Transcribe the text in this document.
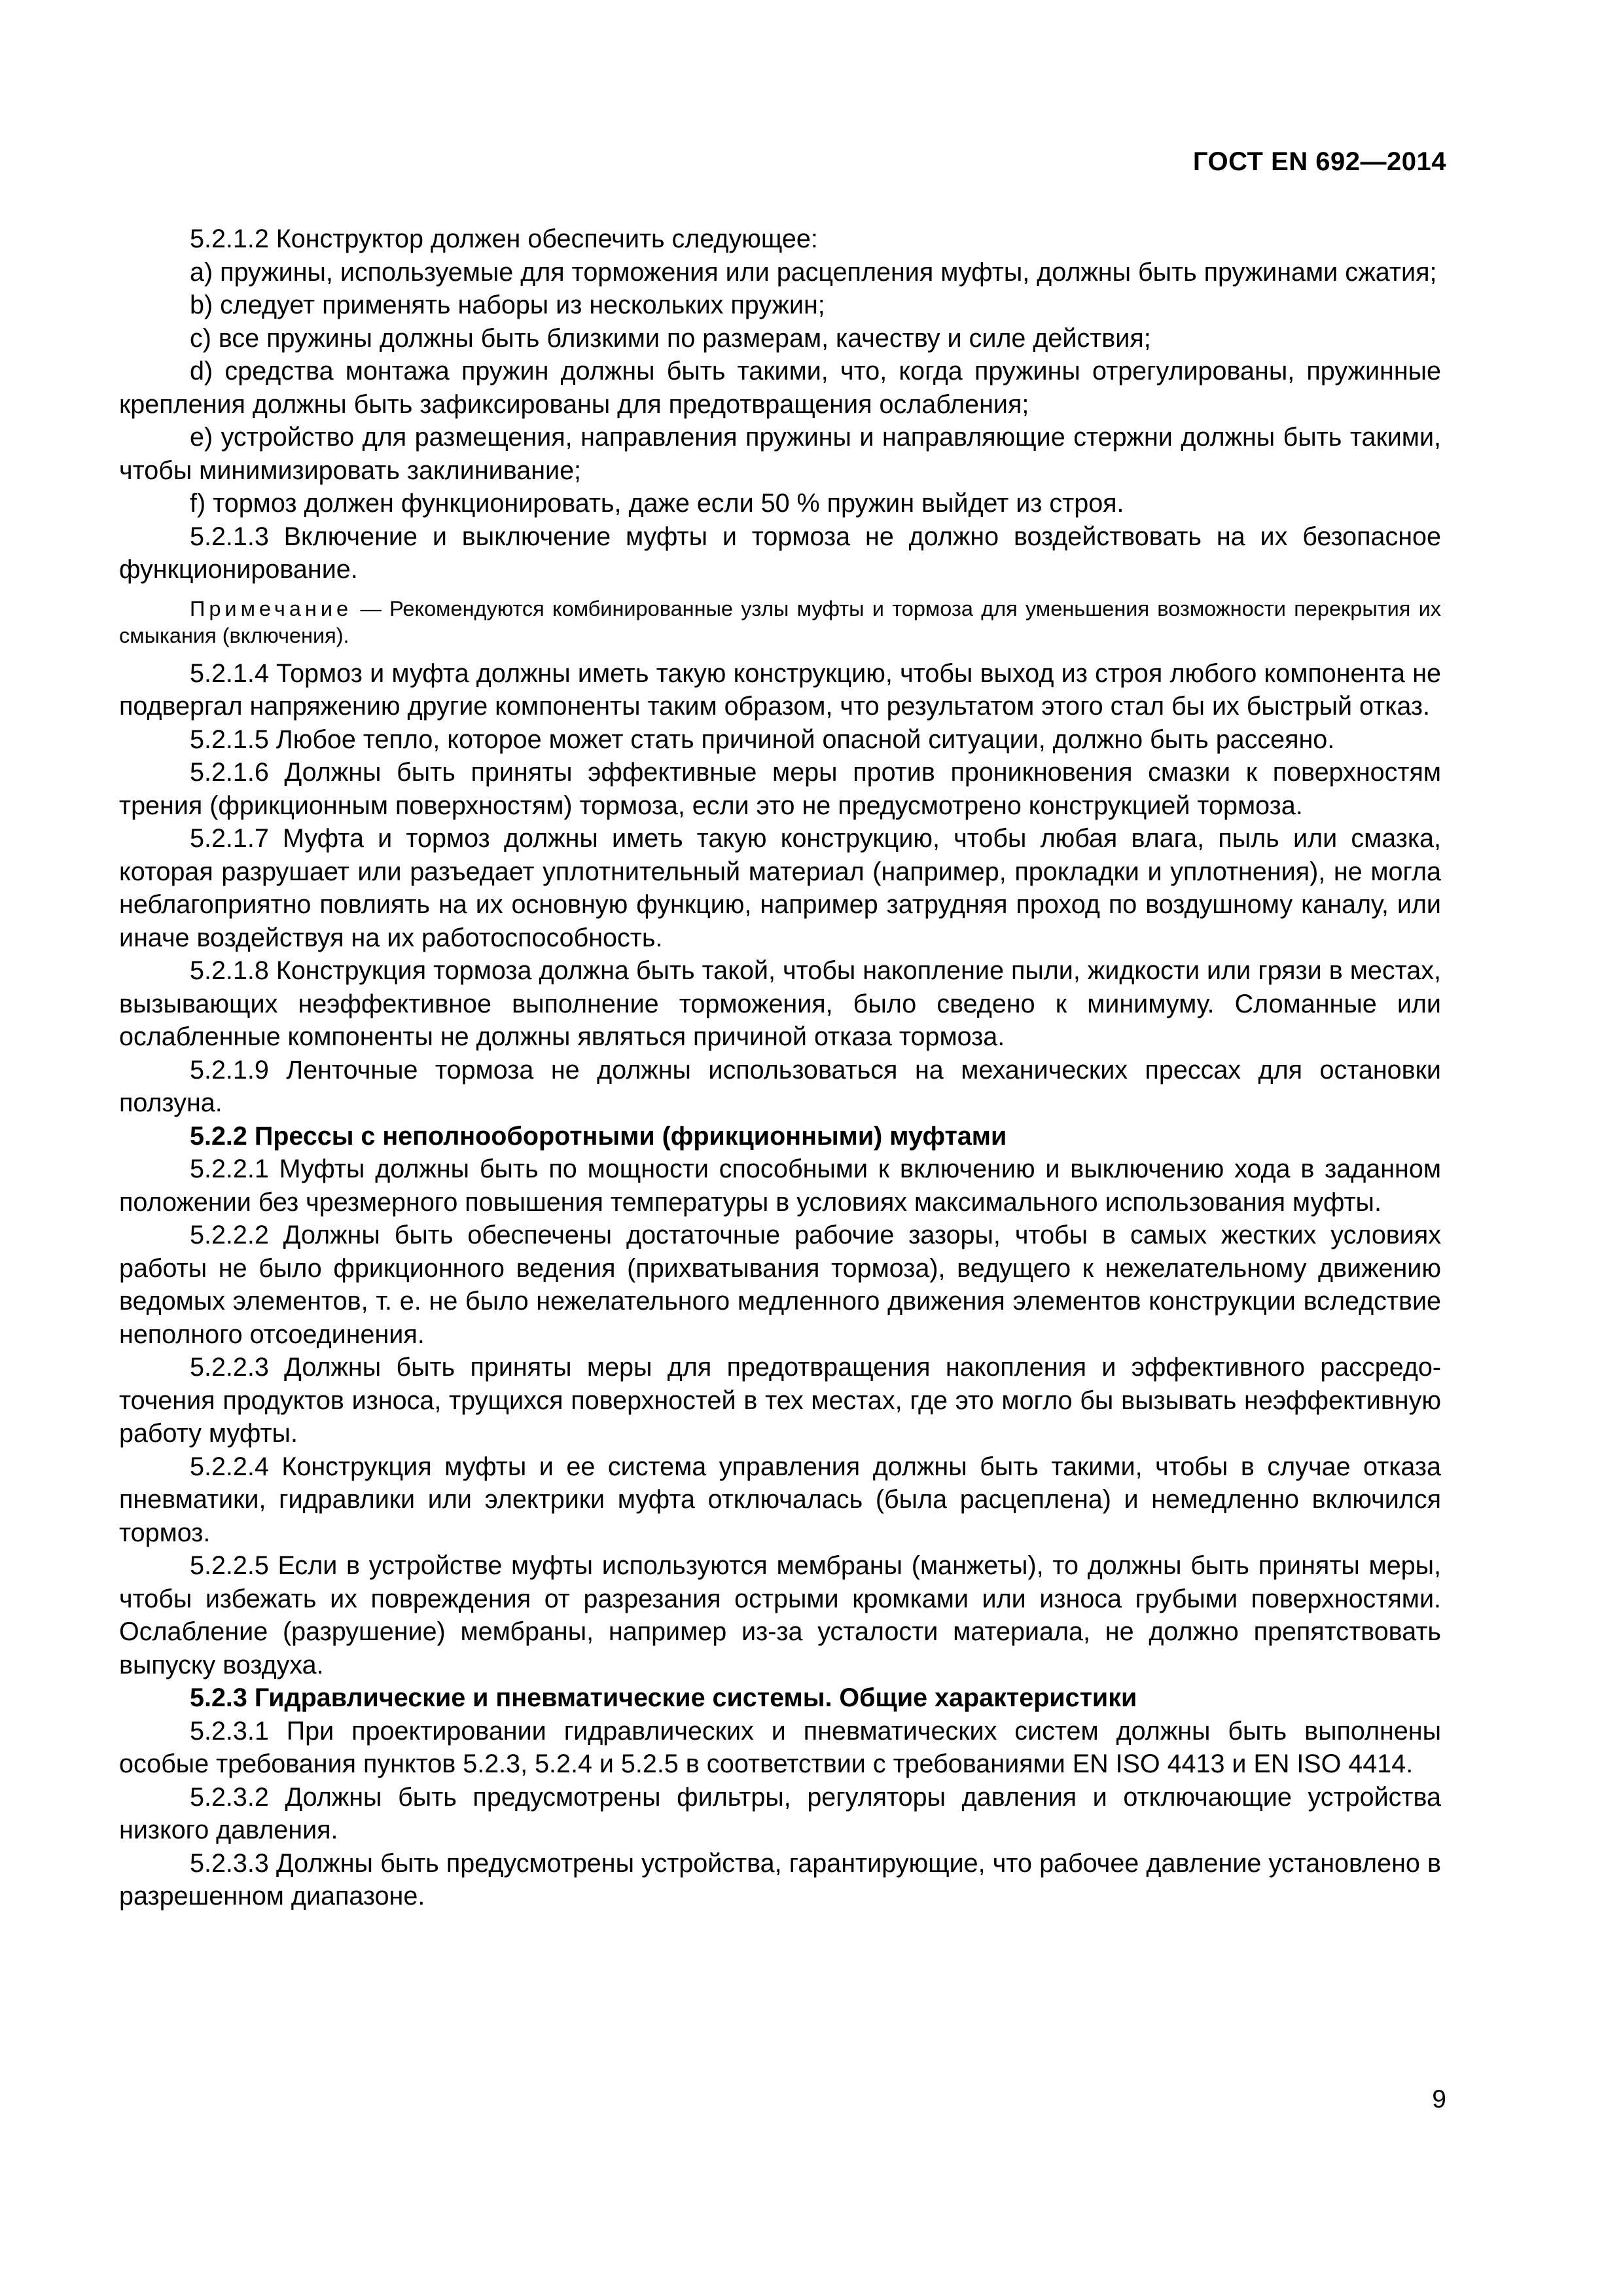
ГОСТ EN 692—2014

5.2.1.2 Конструктор должен обеспечить следующее:

a) пружины, используемые для торможения или расцепления муфты, должны быть пружинами сжатия;

b) следует применять наборы из нескольких пружин;

c) все пружины должны быть близкими по размерам, качеству и силе действия;

d) средства монтажа пружин должны быть такими, что, когда пружины отрегулированы, пружинные крепления должны быть зафиксированы для предотвращения ослабления;

e) устройство для размещения, направления пружины и направляющие стержни должны быть такими, чтобы минимизировать заклинивание;

f) тормоз должен функционировать, даже если 50 % пружин выйдет из строя.

5.2.1.3 Включение и выключение муфты и тормоза не должно воздействовать на их безопасное функционирование.

Примечание — Рекомендуются комбинированные узлы муфты и тормоза для уменьшения возможности перекрытия их смыкания (включения).

5.2.1.4 Тормоз и муфта должны иметь такую конструкцию, чтобы выход из строя любого компонента не подвергал напряжению другие компоненты таким образом, что результатом этого стал бы их быстрый отказ.

5.2.1.5 Любое тепло, которое может стать причиной опасной ситуации, должно быть рассеяно.

5.2.1.6 Должны быть приняты эффективные меры против проникновения смазки к поверхностям трения (фрикционным поверхностям) тормоза, если это не предусмотрено конструкцией тормоза.

5.2.1.7 Муфта и тормоз должны иметь такую конструкцию, чтобы любая влага, пыль или смазка, которая разрушает или разъедает уплотнительный материал (например, прокладки и уплотнения), не могла неблагоприятно повлиять на их основную функцию, например затрудняя проход по воздушному каналу, или иначе воздействуя на их работоспособность.

5.2.1.8 Конструкция тормоза должна быть такой, чтобы накопление пыли, жидкости или грязи в местах, вызывающих неэффективное выполнение торможения, было сведено к минимуму. Сломанные или ослабленные компоненты не должны являться причиной отказа тормоза.

5.2.1.9 Ленточные тормоза не должны использоваться на механических прессах для остановки ползуна.

5.2.2 Прессы с неполнооборотными (фрикционными) муфтами

5.2.2.1 Муфты должны быть по мощности способными к включению и выключению хода в заданном положении без чрезмерного повышения температуры в условиях максимального использования муфты.

5.2.2.2 Должны быть обеспечены достаточные рабочие зазоры, чтобы в самых жестких условиях работы не было фрикционного ведения (прихватывания тормоза), ведущего к нежелательному движению ведомых элементов, т. е. не было нежелательного медленного движения элементов конструкции вследствие неполного отсоединения.

5.2.2.3 Должны быть приняты меры для предотвращения накопления и эффективного рассредоточения продуктов износа, трущихся поверхностей в тех местах, где это могло бы вызывать неэффективную работу муфты.

5.2.2.4 Конструкция муфты и ее система управления должны быть такими, чтобы в случае отказа пневматики, гидравлики или электрики муфта отключалась (была расцеплена) и немедленно включился тормоз.

5.2.2.5 Если в устройстве муфты используются мембраны (манжеты), то должны быть приняты меры, чтобы избежать их повреждения от разрезания острыми кромками или износа грубыми поверхностями. Ослабление (разрушение) мембраны, например из-за усталости материала, не должно препятствовать выпуску воздуха.

5.2.3 Гидравлические и пневматические системы. Общие характеристики

5.2.3.1 При проектировании гидравлических и пневматических систем должны быть выполнены особые требования пунктов 5.2.3, 5.2.4 и 5.2.5 в соответствии с требованиями EN ISO 4413 и EN ISO 4414.

5.2.3.2 Должны быть предусмотрены фильтры, регуляторы давления и отключающие устройства низкого давления.

5.2.3.3 Должны быть предусмотрены устройства, гарантирующие, что рабочее давление установлено в разрешенном диапазоне.

9
